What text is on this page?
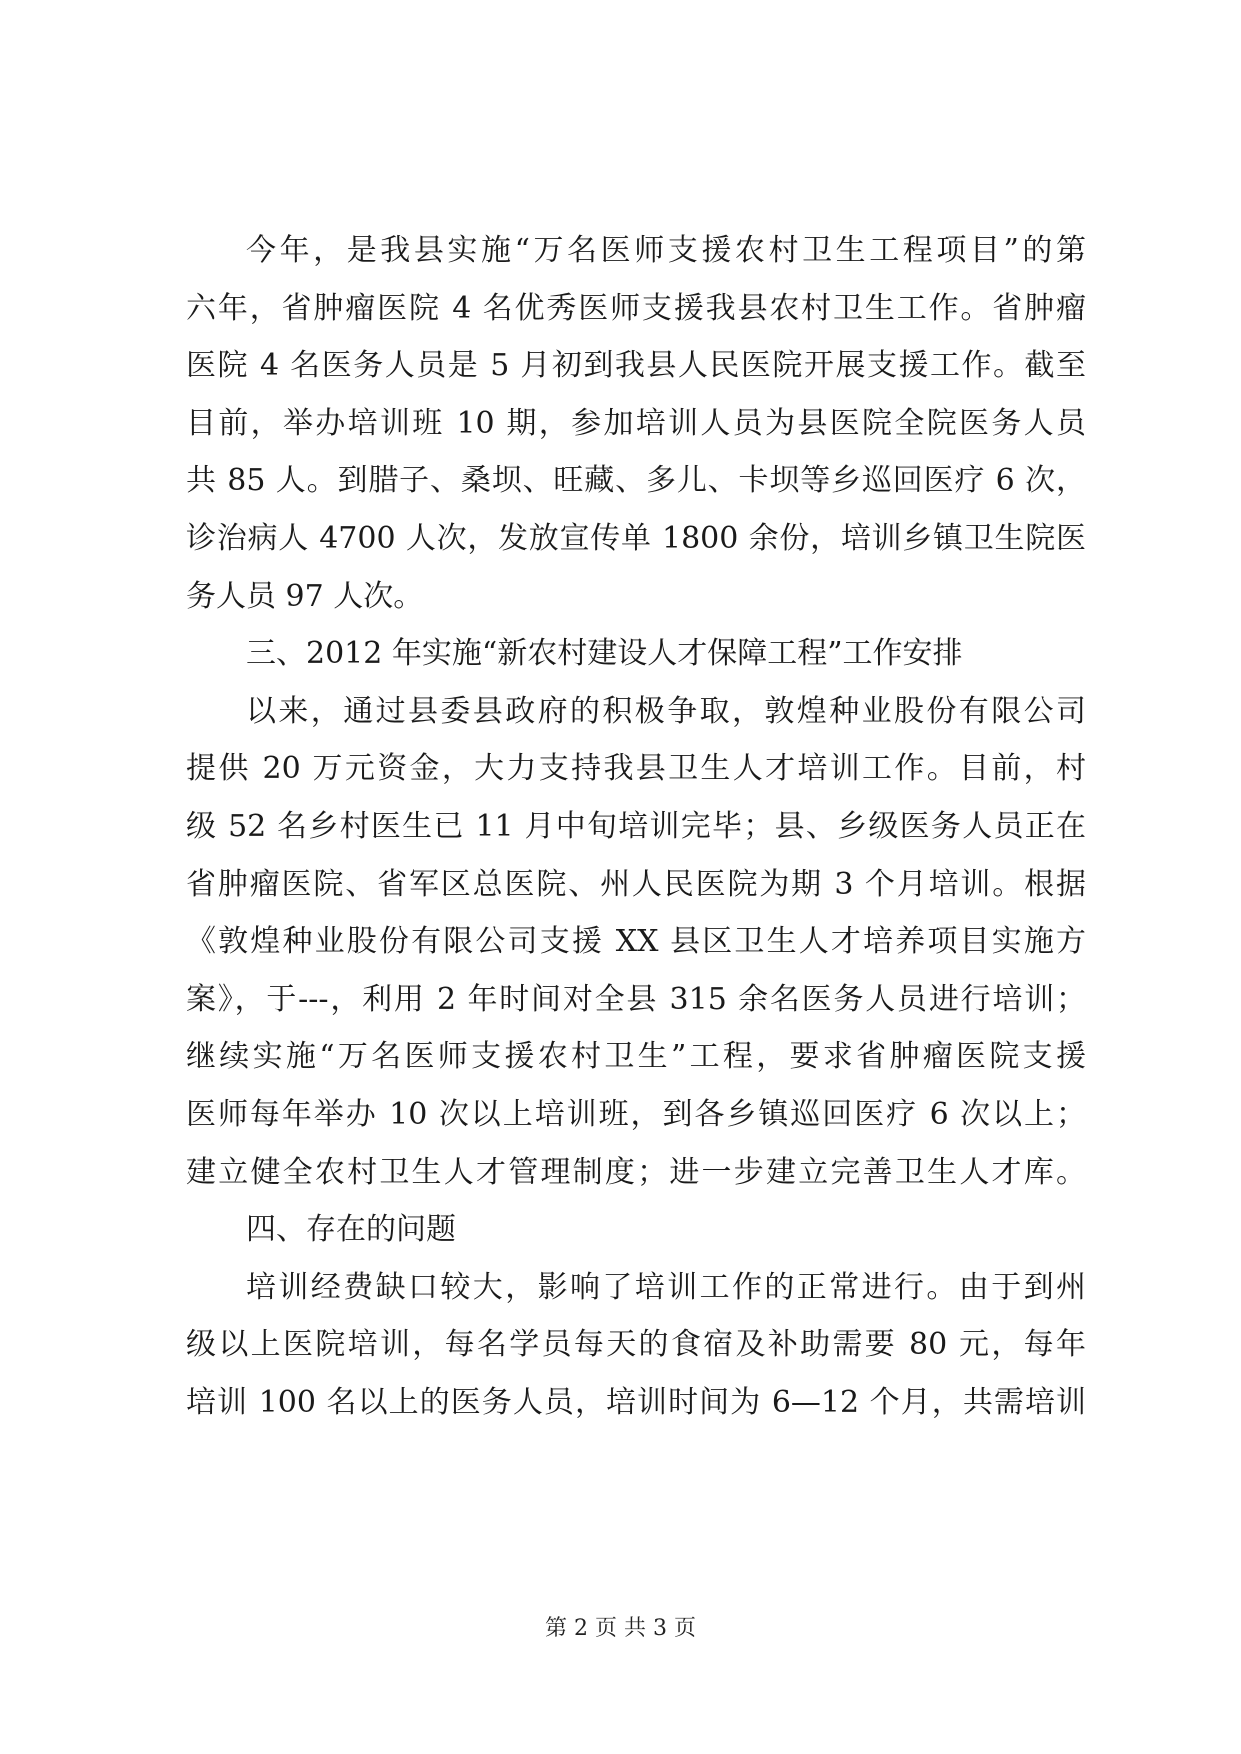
今年，是我县实施“万名医师支援农村卫生工程项目”的第
六年，省肿瘤医院 4 名优秀医师支援我县农村卫生工作。省肿瘤
医院 4 名医务人员是 5 月初到我县人民医院开展支援工作。截至
目前，举办培训班 10 期，参加培训人员为县医院全院医务人员
共 85 人。到腊子、桑坝、旺藏、多儿、卡坝等乡巡回医疗 6 次，
诊治病人 4700 人次，发放宣传单 1800 余份，培训乡镇卫生院医
务人员 97 人次。
三、2012 年实施“新农村建设人才保障工程”工作安排
以来，通过县委县政府的积极争取，敦煌种业股份有限公司
提供 20 万元资金，大力支持我县卫生人才培训工作。目前，村
级 52 名乡村医生已 11 月中旬培训完毕；县、乡级医务人员正在
省肿瘤医院、省军区总医院、州人民医院为期 3 个月培训。根据
《敦煌种业股份有限公司支援 XX 县区卫生人才培养项目实施方
案》，于---，利用 2 年时间对全县 315 余名医务人员进行培训；
继续实施“万名医师支援农村卫生”工程，要求省肿瘤医院支援
医师每年举办 10 次以上培训班，到各乡镇巡回医疗 6 次以上；
建立健全农村卫生人才管理制度；进一步建立完善卫生人才库。
四、存在的问题
培训经费缺口较大，影响了培训工作的正常进行。由于到州
级以上医院培训，每名学员每天的食宿及补助需要 80 元，每年
培训 100 名以上的医务人员，培训时间为 6—12 个月，共需培训
第 2 页 共 3 页
